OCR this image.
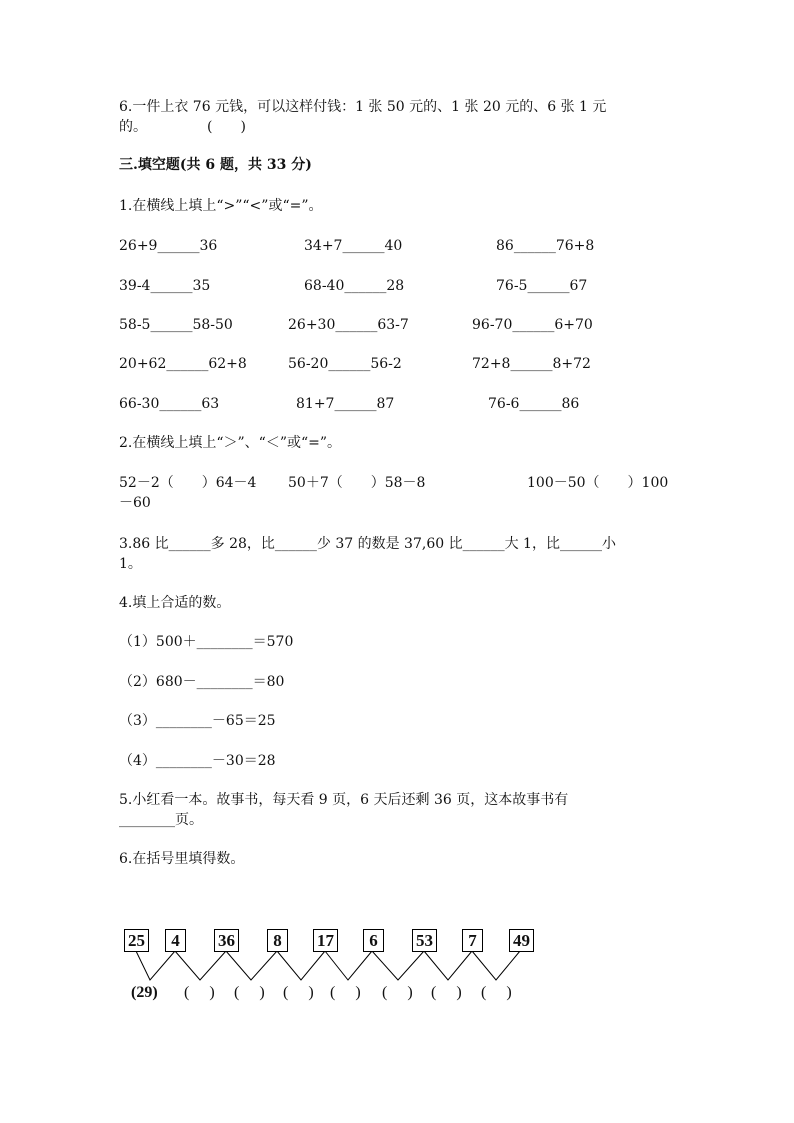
6.一件上衣 76 元钱，可以这样付钱：1 张 50 元的、1 张 20 元的、6 张 1 元
的。	(　　)
三.填空题(共 6 题，共 33 分)
1.在横线上填上“>”“<”或“=”。
26+9______36	34+7______40	86______76+8
39-4______35	68-40______28	76-5______67
58-5______58-50	26+30______63-7	96-70______6+70
20+62______62+8	56-20______56-2	72+8______8+72
66-30______63	81+7______87	76-6______86
2.在横线上填上“＞”、“＜”或“=”。
52－2（　　）64－4 50＋7（　　）58－8	100－50（　　）100
－60
3.86 比______多 28，比______少 37 的数是 37,60 比______大 1，比______小
1。
4.填上合适的数。
（1）500＋________＝570
（2）680－________＝80
（3）________－65＝25
（4）________－30＝28
5.小红看一本。故事书，每天看 9 页，6 天后还剩 36 页，这本故事书有
________页。
6.在括号里填得数。
25	4	36	8	17	6	53	7	49
(29) (　 ) (　 ) (　 ) (　 ) (　 ) (　 ) (　 )
